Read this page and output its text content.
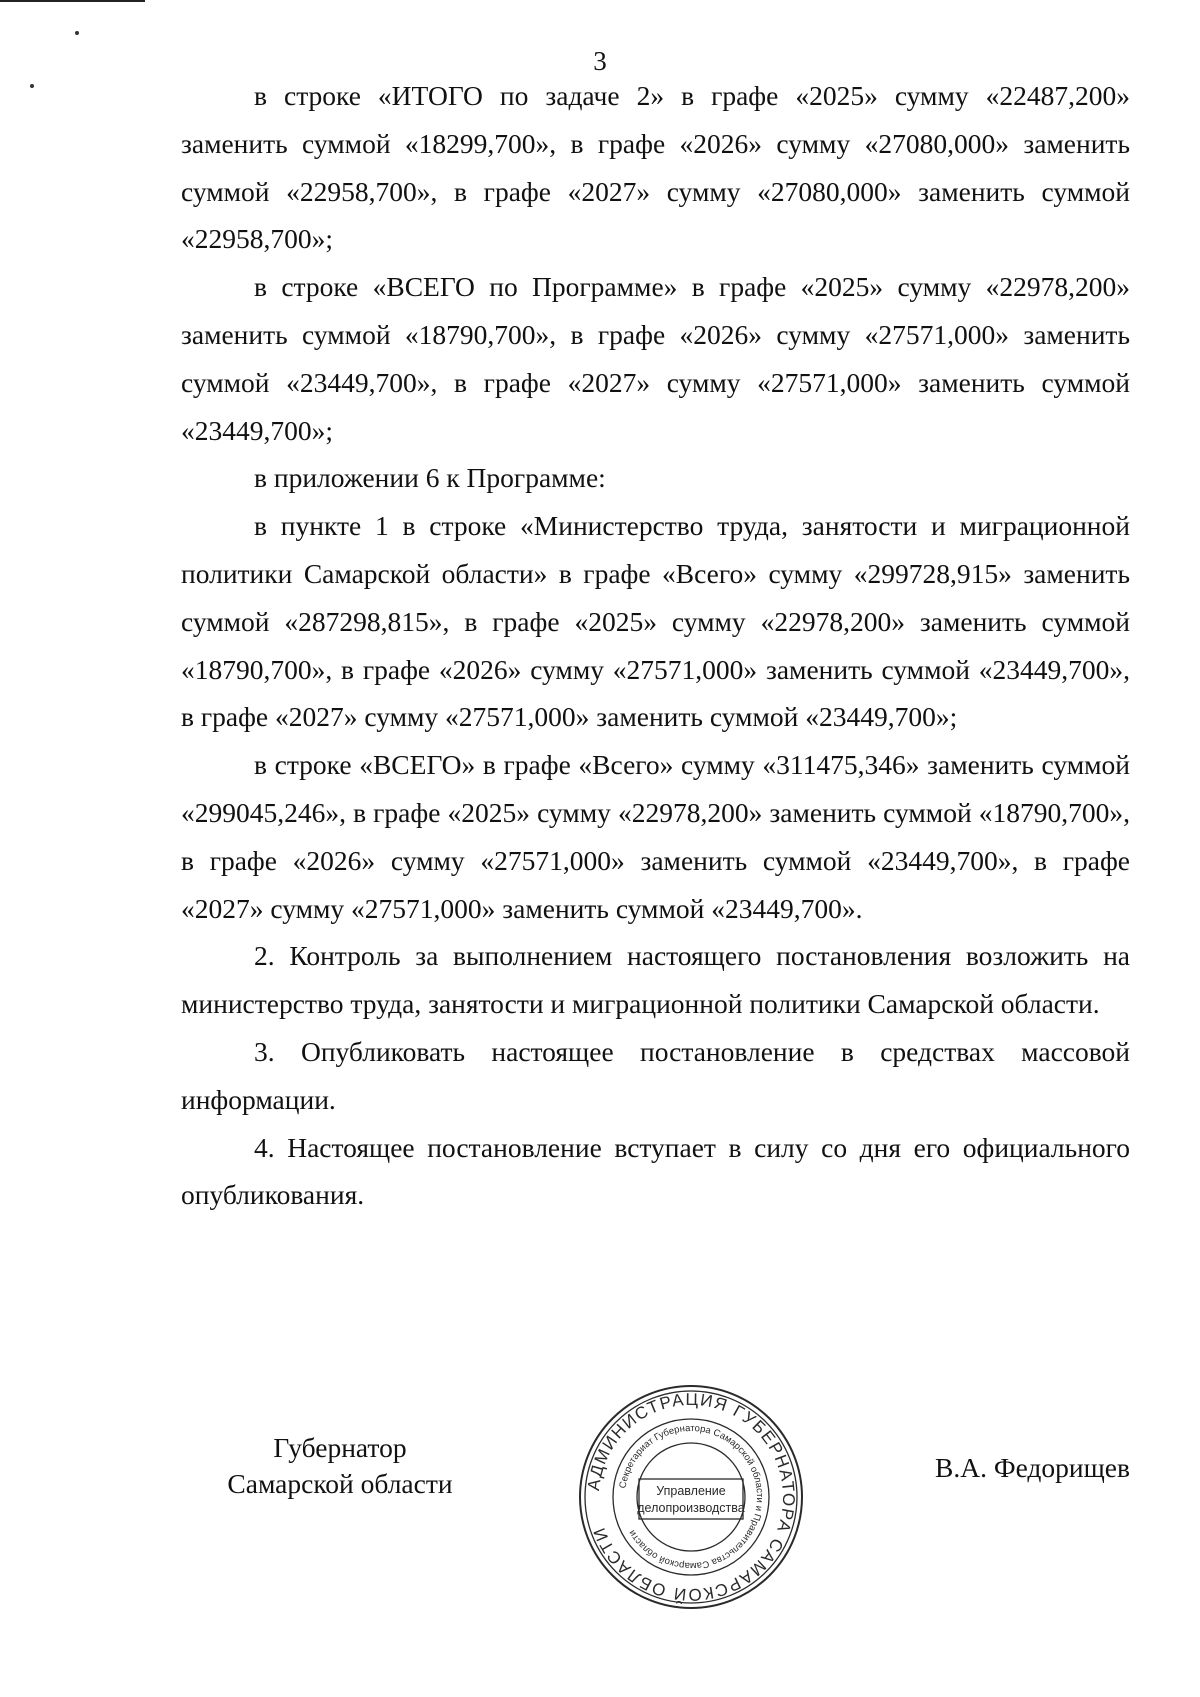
3

в строке «ИТОГО по задаче 2» в графе «2025» сумму «22487,200» заменить суммой «18299,700», в графе «2026» сумму «27080,000» заменить суммой «22958,700», в графе «2027» сумму «27080,000» заменить суммой «22958,700»;

в строке «ВСЕГО по Программе» в графе «2025» сумму «22978,200» заменить суммой «18790,700», в графе «2026» сумму «27571,000» заменить суммой «23449,700», в графе «2027» сумму «27571,000» заменить суммой «23449,700»;

в приложении 6 к Программе:

в пункте 1 в строке «Министерство труда, занятости и миграционной политики Самарской области» в графе «Всего» сумму «299728,915» заменить суммой «287298,815», в графе «2025» сумму «22978,200» заменить суммой «18790,700», в графе «2026» сумму «27571,000» заменить суммой «23449,700», в графе «2027» сумму «27571,000» заменить суммой «23449,700»;

в строке «ВСЕГО» в графе «Всего» сумму «311475,346» заменить суммой «299045,246», в графе «2025» сумму «22978,200» заменить суммой «18790,700», в графе «2026» сумму «27571,000» заменить суммой «23449,700», в графе «2027» сумму «27571,000» заменить суммой «23449,700».

2. Контроль за выполнением настоящего постановления возложить на министерство труда, занятости и миграционной политики Самарской области.

3. Опубликовать настоящее постановление в средствах массовой информации.

4. Настоящее постановление вступает в силу со дня его официального опубликования.

Губернатор
Самарской области	АДМИНИСТРАЦИЯ ГУБЕРНАТОРА САМАРСКОЙ ОБЛАСТИ
Секретариат Губернатора Самарской области и Правительства Самарской области
Управление
делопроизводства
В.А. Федорищев
